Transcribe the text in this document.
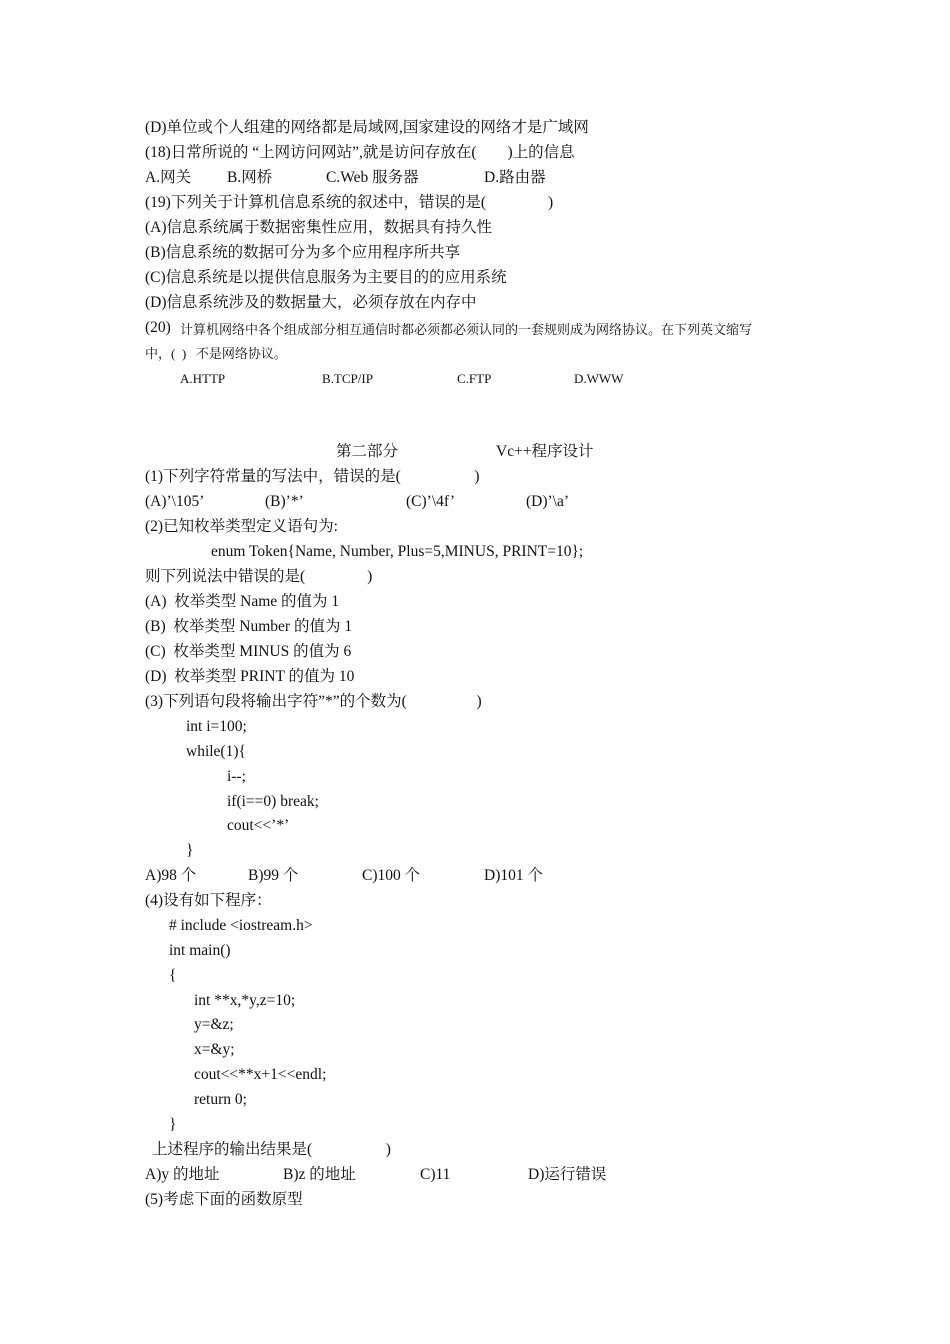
(D)单位或个人组建的网络都是局域网,国家建设的网络才是广域网
(18)日常所说的 “上网访问网站”,就是访问存放在(        )上的信息
A.网关 B.网桥	C.Web 服务器	D.路由器
(19)下列关于计算机信息系统的叙述中，错误的是(                )
(A)信息系统属于数据密集性应用，数据具有持久性
(B)信息系统的数据可分为多个应用程序所共享
(C)信息系统是以提供信息服务为主要目的的应用系统
(D)信息系统涉及的数据量大，必须存放在内存中
(20) 计算机网络中各个组成部分相互通信时都必须都必须认同的一套规则成为网络协议。在下列英文缩写
中，(  )   不是网络协议。
A.HTTP	B.TCP/IP	C.FTP	D.WWW
第二部分	Vc++程序设计
(1)下列字符常量的写法中，错误的是(                   )
(A)’\105’	(B)’*’	(C)’\4f’	(D)’\a’
(2)已知枚举类型定义语句为:
enum Token{Name, Number, Plus=5,MINUS, PRINT=10};
则下列说法中错误的是(                )
(A)  枚举类型 Name 的值为 1
(B)  枚举类型 Number 的值为 1
(C)  枚举类型 MINUS 的值为 6
(D)  枚举类型 PRINT 的值为 10
(3)下列语句段将输出字符”*”的个数为(                  )
int i=100;
while(1){
i--;
if(i==0) break;
cout<<’*’
}
A)98 个	B)99 个	C)100 个	D)101 个
(4)设有如下程序：
# include <iostream.h>
int main()
{
int **x,*y,z=10;
y=&z;
x=&y;
cout<<**x+1<<endl;
return 0;
}
上述程序的输出结果是(                   )
A)y 的地址	B)z 的地址	C)11	D)运行错误
(5)考虑下面的函数原型
